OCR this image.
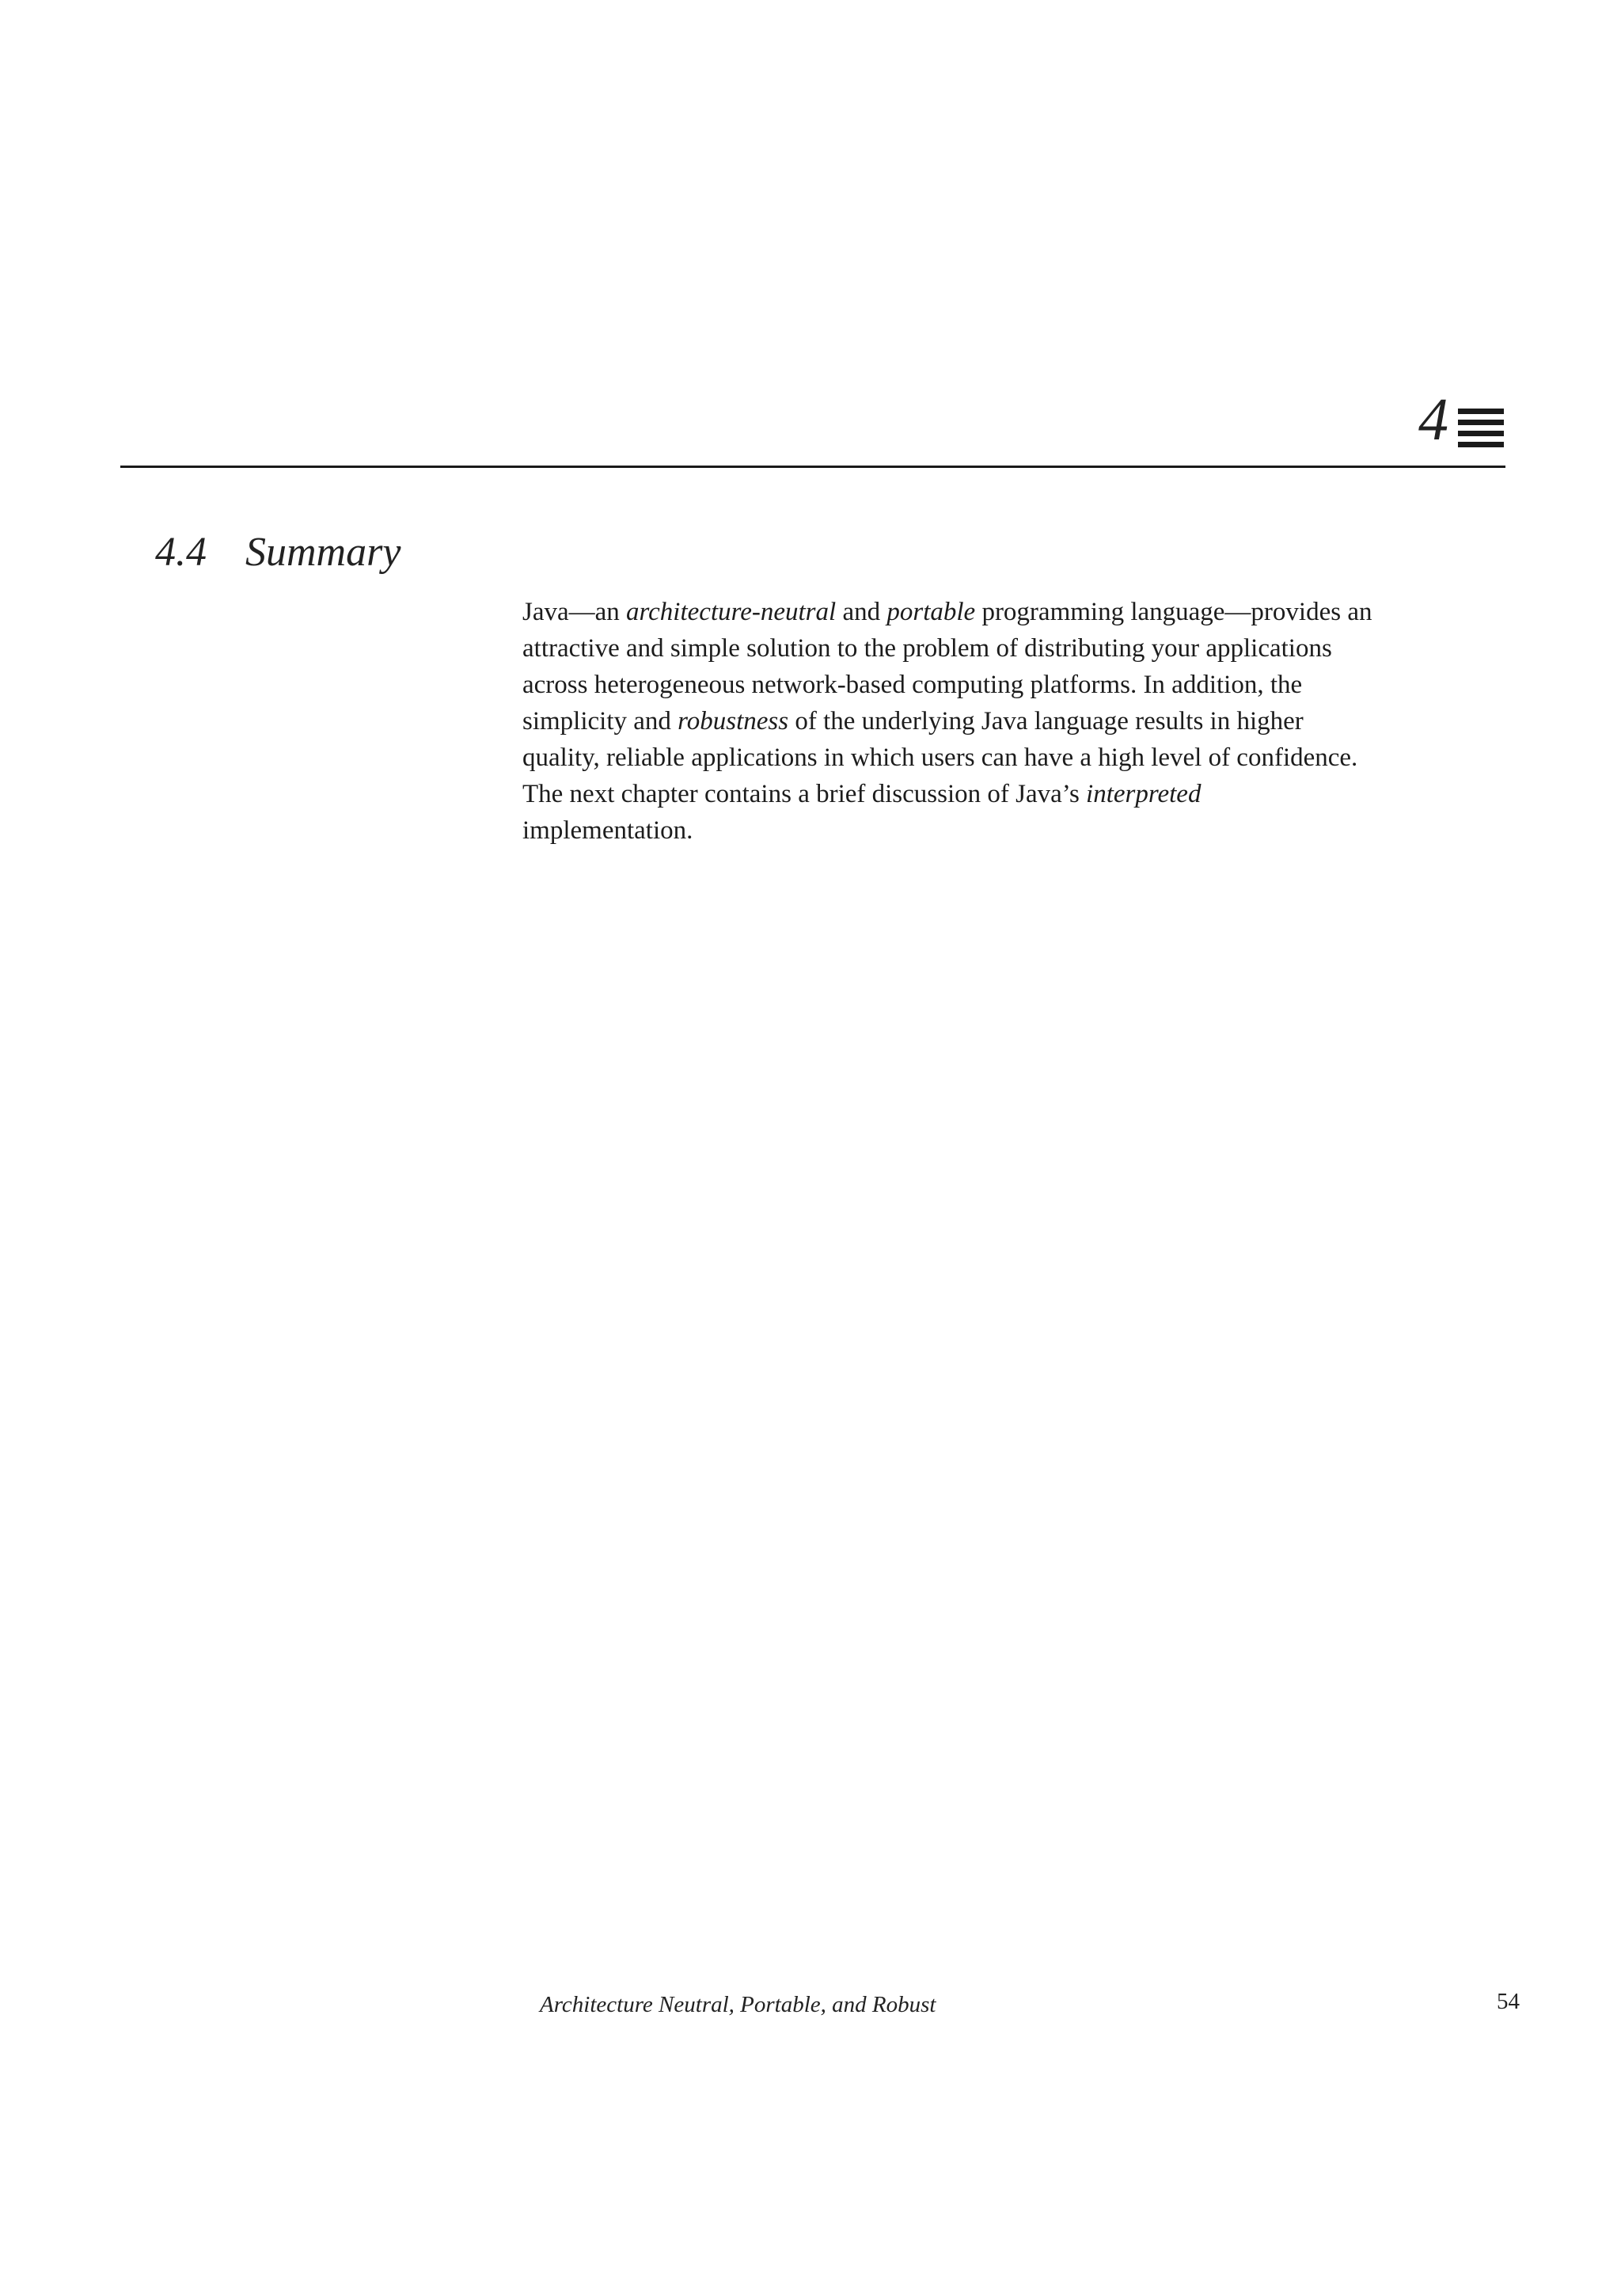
4
4.4 Summary
Java—an architecture-neutral and portable programming language—provides an
attractive and simple solution to the problem of distributing your applications
across heterogeneous network-based computing platforms. In addition, the
simplicity and robustness of the underlying Java language results in higher
quality, reliable applications in which users can have a high level of confidence.
The next chapter contains a brief discussion of Java’s interpreted
implementation.
Architecture Neutral, Portable, and Robust	54
